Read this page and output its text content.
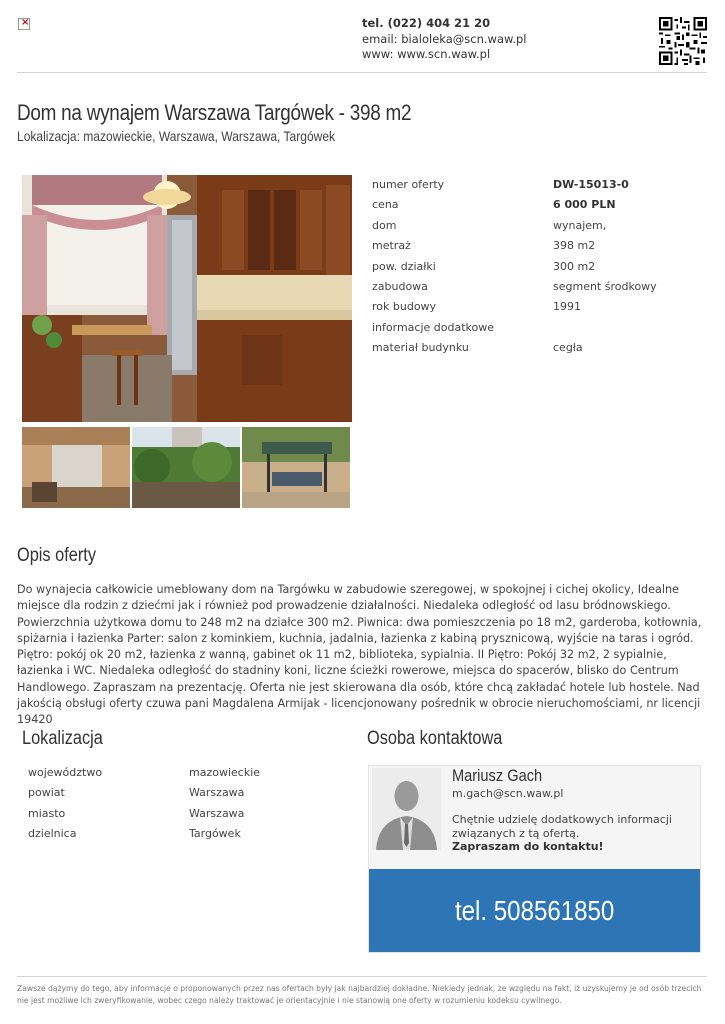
×	tel. (022) 404 21 20
email: bialoleka@scn.waw.pl
www: www.scn.waw.pl
Dom na wynajem Warszawa Targówek - 398 m2
Lokalizacja: mazowieckie, Warszawa, Warszawa, Targówek
numer oferty	DW-15013-0
cena	6 000 PLN
dom	wynajem,
metraż	398 m2
pow. działki	300 m2
zabudowa	segment środkowy
rok budowy	1991
informacje dodatkowe
materiał budynku	cegła
Opis oferty
Do wynajecia całkowicie umeblowany dom na Targówku w zabudowie szeregowej, w spokojnej i cichej okolicy, Idealne miejsce dla rodzin z dziećmi jak i również pod prowadzenie działalności. Niedaleka odległość od lasu bródnowskiego. Powierzchnia użytkowa domu to 248 m2 na działce 300 m2. Piwnica: dwa pomieszczenia po 18 m2, garderoba, kotłownia, spiżarnia i łazienka Parter: salon z kominkiem, kuchnia, jadalnia, łazienka z kabiną prysznicową, wyjście na taras i ogród. Piętro: pokój ok 20 m2, łazienka z wanną, gabinet ok 11 m2, biblioteka, sypialnia. II Piętro: Pokój 32 m2, 2 sypialnie, łazienka i WC. Niedaleka odległość do stadniny koni, liczne ścieżki rowerowe, miejsca do spacerów, blisko do Centrum Handlowego. Zapraszam na prezentację. Oferta nie jest skierowana dla osób, które chcą zakładać hotele lub hostele. Nad jakością obsługi oferty czuwa pani Magdalena Armijak - licencjonowany pośrednik w obrocie nieruchomościami, nr licencji 19420
Lokalizacja
województwo	mazowieckie
powiat	Warszawa
miasto	Warszawa
dzielnica	Targówek
Osoba kontaktowa
Mariusz Gach
m.gach@scn.waw.pl
Chętnie udzielę dodatkowych informacji związanych z tą ofertą.
Zapraszam do kontaktu!
tel. 508561850
Zawsze dążymy do tego, aby informacje o proponowanych przez nas ofertach były jak najbardziej dokładne. Niekiedy jednak, ze względu na fakt, iż uzyskujemy je od osób trzecich nie jest możliwe ich zweryfikowanie, wobec czego należy traktować je orientacyjnie i nie stanowią one oferty w rozumieniu kodeksu cywilnego.
